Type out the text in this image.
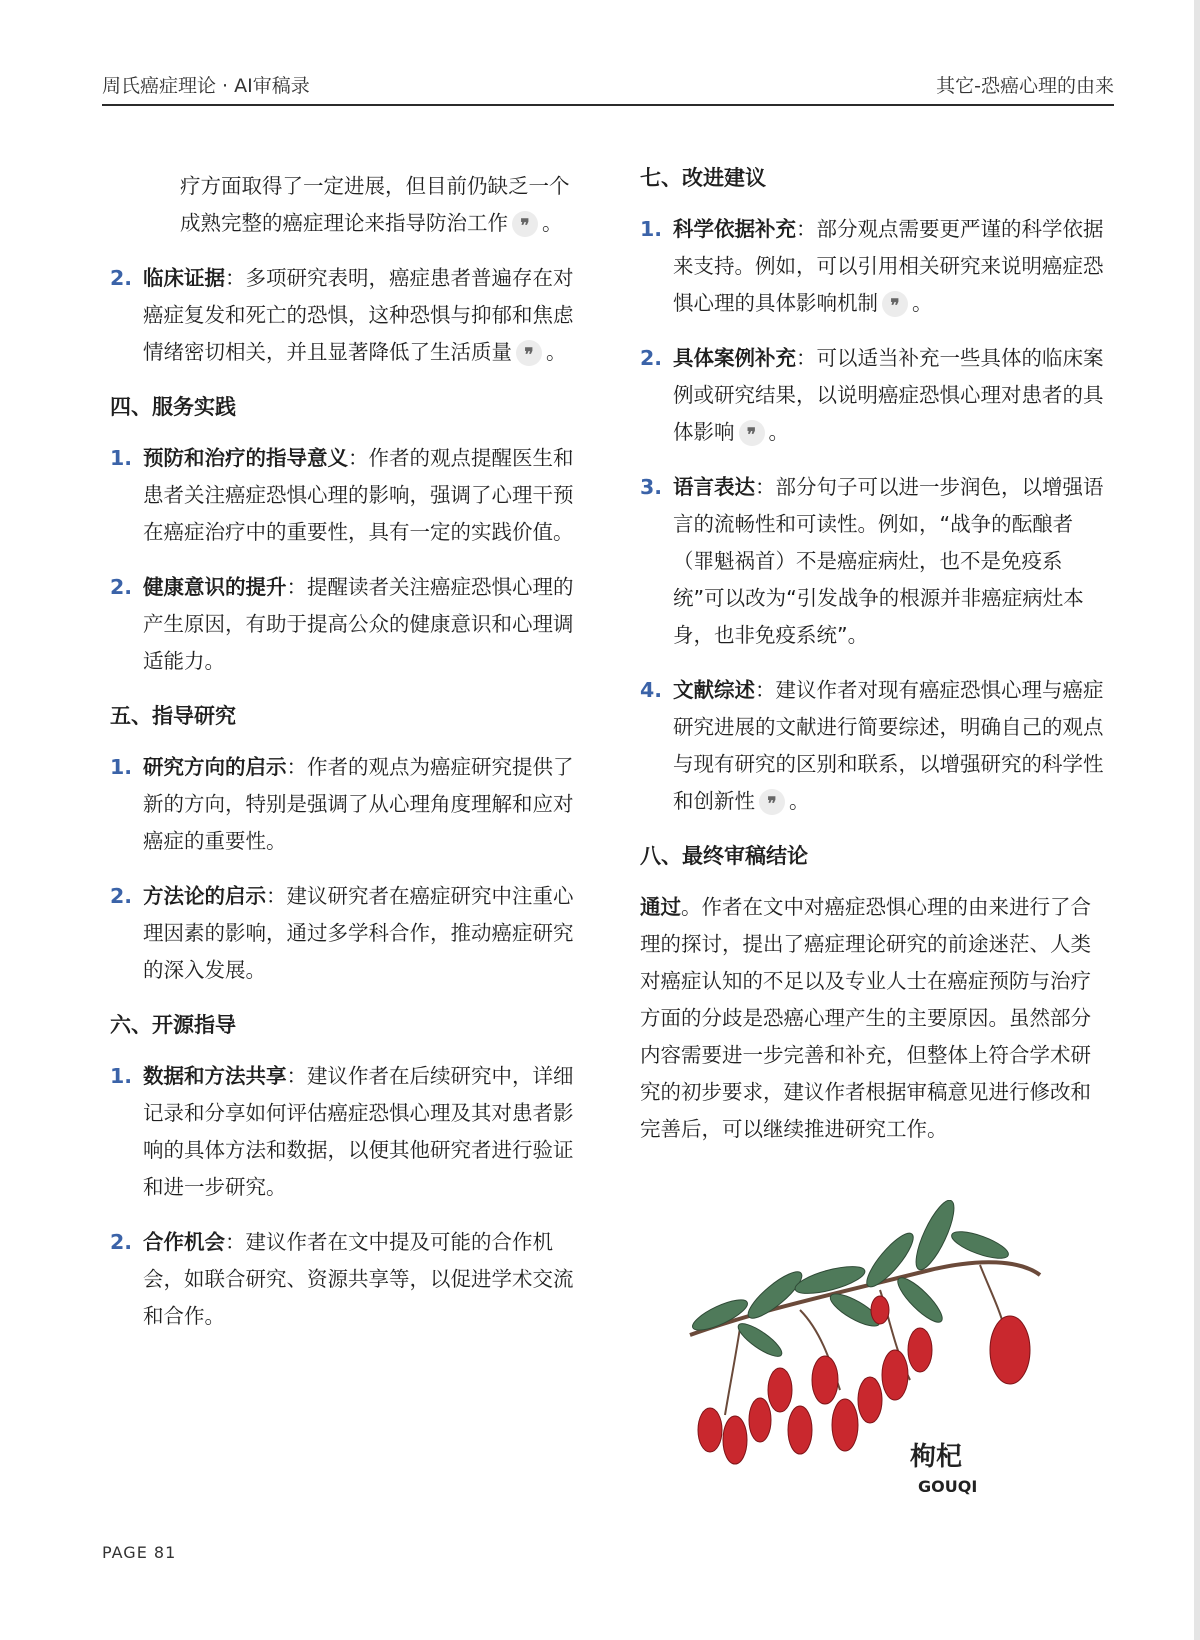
周氏癌症理论 · AI审稿录	其它-恐癌心理的由来

疗方面取得了一定进展，但目前仍缺乏一个成熟完整的癌症理论来指导防治工作 ❞ 。

2. 临床证据：多项研究表明，癌症患者普遍存在对癌症复发和死亡的恐惧，这种恐惧与抑郁和焦虑情绪密切相关，并且显著降低了生活质量 ❞ 。
四、服务实践
1. 预防和治疗的指导意义：作者的观点提醒医生和患者关注癌症恐惧心理的影响，强调了心理干预在癌症治疗中的重要性，具有一定的实践价值。
2. 健康意识的提升：提醒读者关注癌症恐惧心理的产生原因，有助于提高公众的健康意识和心理调适能力。
五、指导研究
1. 研究方向的启示：作者的观点为癌症研究提供了新的方向，特别是强调了从心理角度理解和应对癌症的重要性。
2. 方法论的启示：建议研究者在癌症研究中注重心理因素的影响，通过多学科合作，推动癌症研究的深入发展。
六、开源指导
1. 数据和方法共享：建议作者在后续研究中，详细记录和分享如何评估癌症恐惧心理及其对患者影响的具体方法和数据，以便其他研究者进行验证和进一步研究。
2. 合作机会：建议作者在文中提及可能的合作机会，如联合研究、资源共享等，以促进学术交流和合作。
七、改进建议
1. 科学依据补充：部分观点需要更严谨的科学依据来支持。例如，可以引用相关研究来说明癌症恐惧心理的具体影响机制 ❞ 。
2. 具体案例补充：可以适当补充一些具体的临床案例或研究结果，以说明癌症恐惧心理对患者的具体影响 ❞ 。
3. 语言表达：部分句子可以进一步润色，以增强语言的流畅性和可读性。例如，“战争的酝酿者（罪魁祸首）不是癌症病灶，也不是免疫系统”可以改为“引发战争的根源并非癌症病灶本身，也非免疫系统”。
4. 文献综述：建议作者对现有癌症恐惧心理与癌症研究进展的文献进行简要综述，明确自己的观点与现有研究的区别和联系，以增强研究的科学性和创新性 ❞ 。
八、最终审稿结论

通过。作者在文中对癌症恐惧心理的由来进行了合理的探讨，提出了癌症理论研究的前途迷茫、人类对癌症认知的不足以及专业人士在癌症预防与治疗方面的分歧是恐癌心理产生的主要原因。虽然部分内容需要进一步完善和补充，但整体上符合学术研究的初步要求，建议作者根据审稿意见进行修改和完善后，可以继续推进研究工作。

枸杞
GOUQI
PAGE 81
